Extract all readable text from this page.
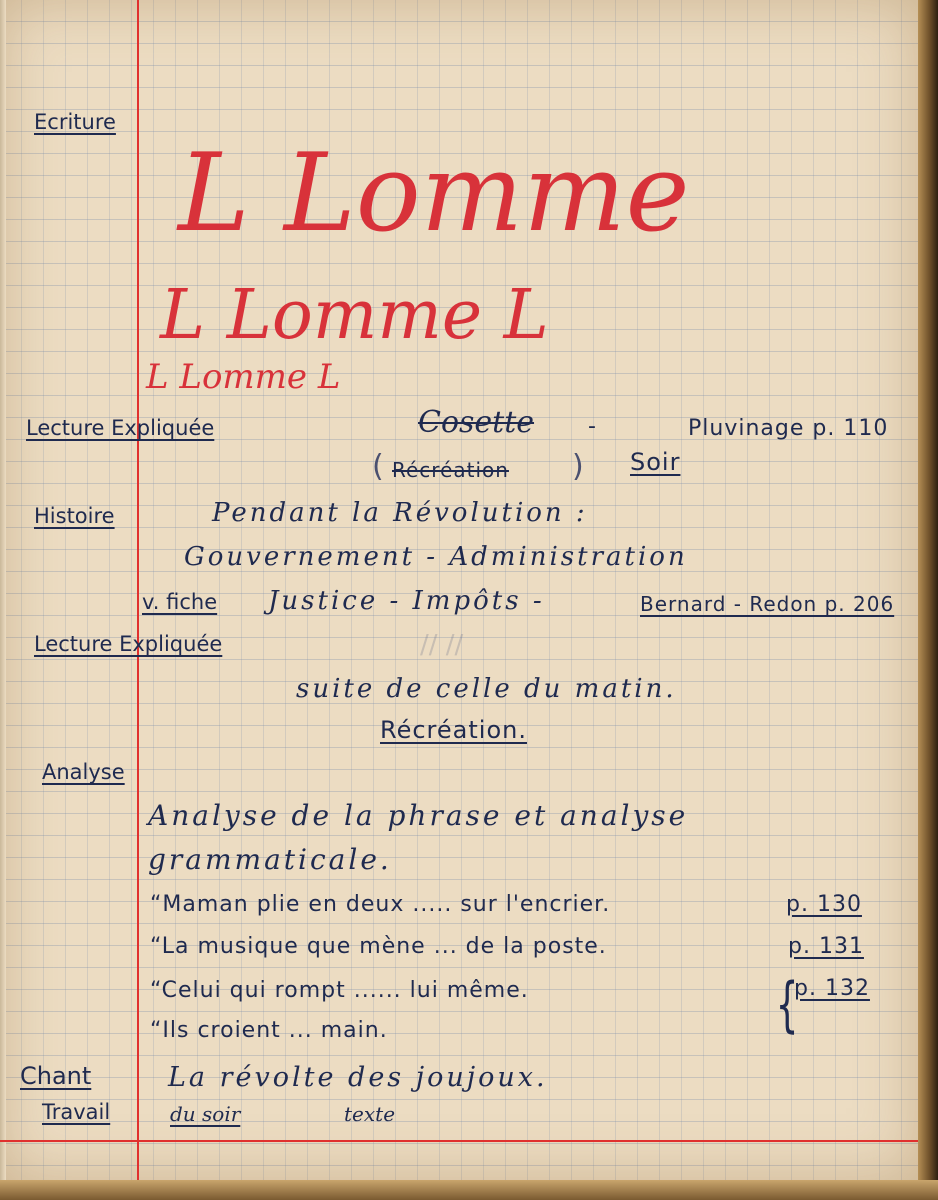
Ecriture

L Lomme

L Lomme L

L Lomme L

Lecture Expliquée	Cosette -	Pluvinage p. 110

( Récréation ) Soir

Histoire	Pendant la Révolution :

Gouvernement - Administration

v. fiche Justice - Impôts -	Bernard - Redon p. 206

∕∕ ∕∕

Lecture Expliquée

suite de celle du matin.

Récréation.

Analyse

Analyse de la phrase et analyse

grammaticale.

“Maman plie en deux ..... sur l'encrier.	p. 130

“La musique que mène ... de la poste.	p. 131

“Celui qui rompt ...... lui même.	p. 132

“Ils croient ... main.	{

Chant	La révolte des joujoux.

Travail	du soir	texte
